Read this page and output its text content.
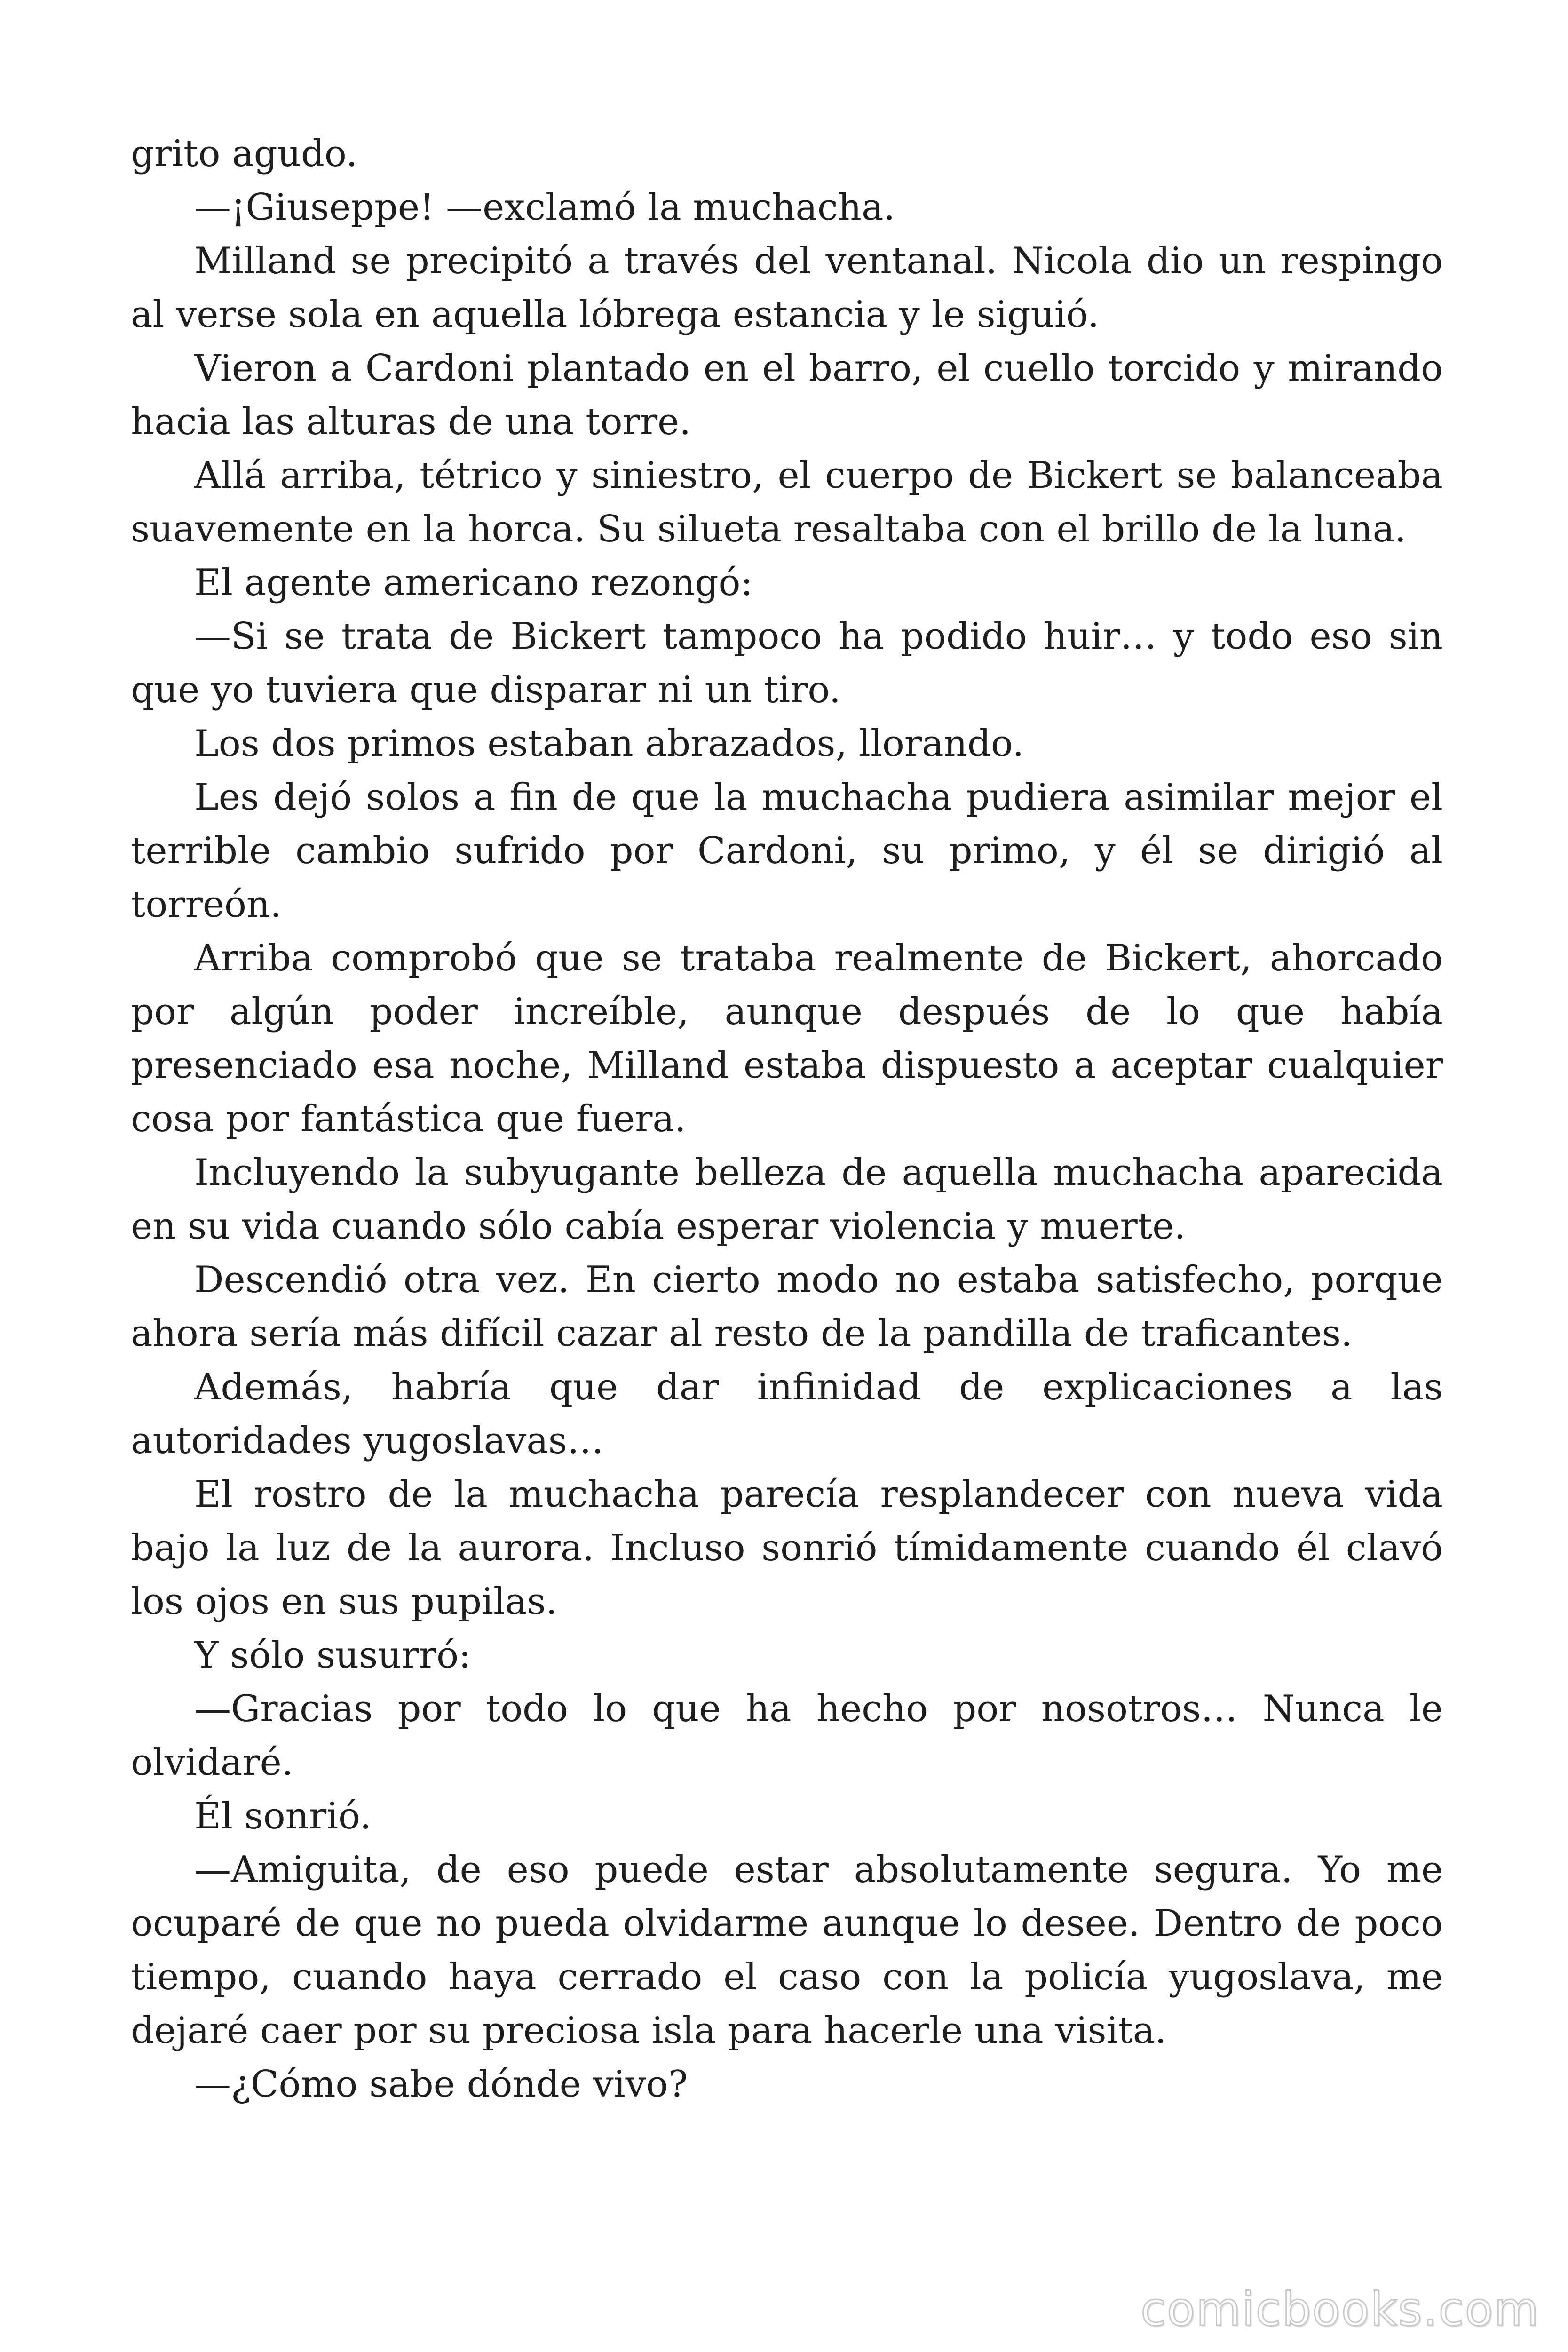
grito agudo.

—¡Giuseppe! —exclamó la muchacha.

Milland se precipitó a través del ventanal. Nicola dio un respingo al verse sola en aquella lóbrega estancia y le siguió.

Vieron a Cardoni plantado en el barro, el cuello torcido y mirando hacia las alturas de una torre.

Allá arriba, tétrico y siniestro, el cuerpo de Bickert se balanceaba suavemente en la horca. Su silueta resaltaba con el brillo de la luna.

El agente americano rezongó:

—Si se trata de Bickert tampoco ha podido huir… y todo eso sin que yo tuviera que disparar ni un tiro.

Los dos primos estaban abrazados, llorando.

Les dejó solos a fin de que la muchacha pudiera asimilar mejor el terrible cambio sufrido por Cardoni, su primo, y él se dirigió al torreón.

Arriba comprobó que se trataba realmente de Bickert, ahorcado por algún poder increíble, aunque después de lo que había presenciado esa noche, Milland estaba dispuesto a aceptar cualquier cosa por fantástica que fuera.

Incluyendo la subyugante belleza de aquella muchacha aparecida en su vida cuando sólo cabía esperar violencia y muerte.

Descendió otra vez. En cierto modo no estaba satisfecho, porque ahora sería más difícil cazar al resto de la pandilla de traficantes.

Además, habría que dar infinidad de explicaciones a las autoridades yugoslavas…

El rostro de la muchacha parecía resplandecer con nueva vida bajo la luz de la aurora. Incluso sonrió tímidamente cuando él clavó los ojos en sus pupilas.

Y sólo susurró:

—Gracias por todo lo que ha hecho por nosotros… Nunca le olvidaré.

Él sonrió.

—Amiguita, de eso puede estar absolutamente segura. Yo me ocuparé de que no pueda olvidarme aunque lo desee. Dentro de poco tiempo, cuando haya cerrado el caso con la policía yugoslava, me dejaré caer por su preciosa isla para hacerle una visita.

—¿Cómo sabe dónde vivo?

comicbooks.com
